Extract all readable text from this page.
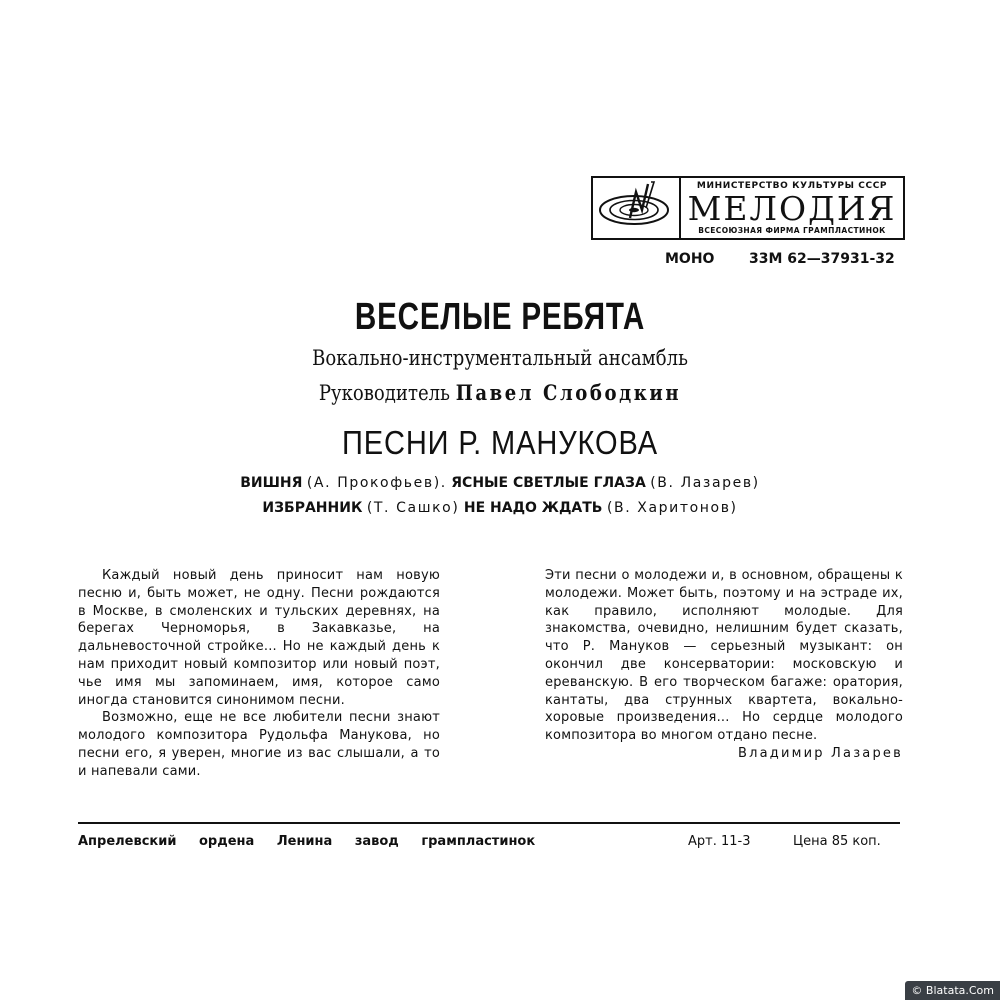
МИНИСТЕРСТВО КУЛЬТУРЫ СССР
МЕЛОДИЯ
ВСЕСОЮЗНАЯ ФИРМА ГРАМПЛАСТИНОК
МОНО 33М 62—37931-32
ВЕСЕЛЫЕ РЕБЯТА
Вокально-инструментальный ансамбль
Руководитель Павел Слободкин
ПЕСНИ Р. МАНУКОВА
ВИШНЯ (А. Прокофьев). ЯСНЫЕ СВЕТЛЫЕ ГЛАЗА (В. Лазарев)
ИЗБРАННИК (Т. Сашко) НЕ НАДО ЖДАТЬ (В. Харитонов)

Каждый новый день приносит нам новую песню и, быть может, не одну. Песни рождаются в Москве, в смоленских и тульских деревнях, на берегах Черноморья, в Закавказье, на дальневосточной стройке... Но не каждый день к нам приходит новый композитор или новый поэт, чье имя мы запоминаем, имя, которое само иногда становится синонимом песни.

Возможно, еще не все любители песни знают молодого композитора Рудольфа Манукова, но песни его, я уверен, многие из вас слышали, а то и напевали сами.

Эти песни о молодежи и, в основном, обращены к молодежи. Может быть, поэтому и на эстраде их, как правило, исполняют молодые. Для знакомства, очевидно, нелишним будет сказать, что Р. Мануков — серьезный музыкант: он окончил две консерватории: московскую и ереванскую. В его творческом багаже: оратория, кантаты, два струнных квартета, вокально-хоровые произведения... Но сердце молодого композитора во многом отдано песне.

Владимир Лазарев
Апрелевский ордена Ленина завод грампластинок	Арт. 11-3	Цена 85 коп.
© Blatata.Com
